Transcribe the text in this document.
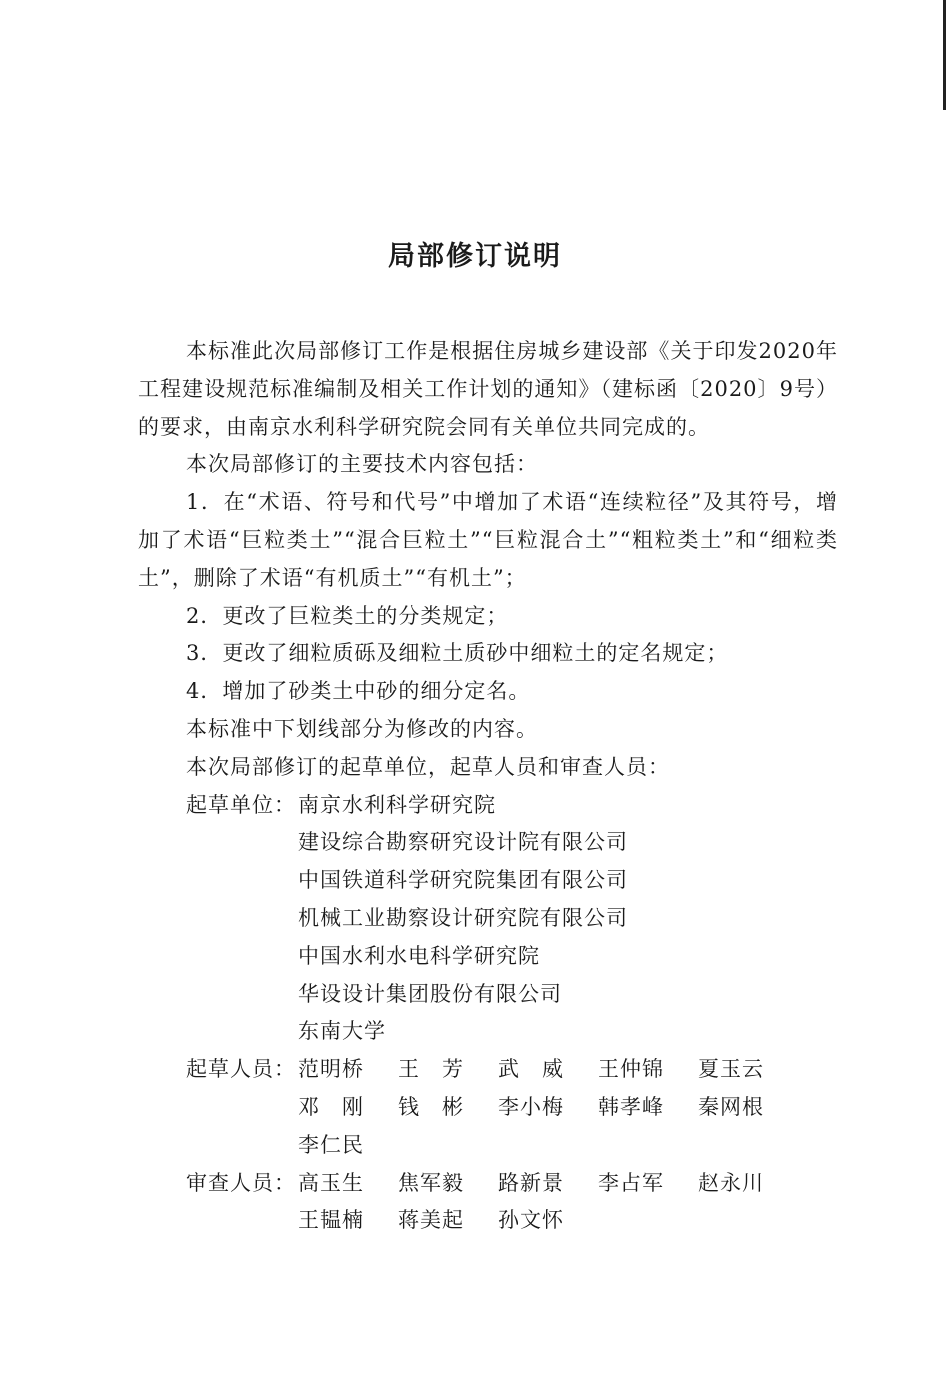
局部修订说明

本标准此次局部修订工作是根据住房城乡建设部《关于印发2020年工程建设规范标准编制及相关工作计划的通知》（建标函〔2020〕9号）的要求，由南京水利科学研究院会同有关单位共同完成的。

本次局部修订的主要技术内容包括：

1．在“术语、符号和代号”中增加了术语“连续粒径”及其符号，增加了术语“巨粒类土”“混合巨粒土”“巨粒混合土”“粗粒类土”和“细粒类土”，删除了术语“有机质土”“有机土”；

2．更改了巨粒类土的分类规定；

3．更改了细粒质砾及细粒土质砂中细粒土的定名规定；

4．增加了砂类土中砂的细分定名。

本标准中下划线部分为修改的内容。

本次局部修订的起草单位，起草人员和审查人员：

起草单位： 南京水利科学研究院
建设综合勘察研究设计院有限公司
中国铁道科学研究院集团有限公司
机械工业勘察设计研究院有限公司
中国水利水电科学研究院
华设设计集团股份有限公司
东南大学
起草人员： 范明桥	王　芳	武　威	王仲锦	夏玉云
邓　刚	钱　彬	李小梅	韩孝峰	秦网根
李仁民
审查人员： 高玉生	焦军毅	路新景	李占军	赵永川
王韫楠	蒋美起	孙文怀
